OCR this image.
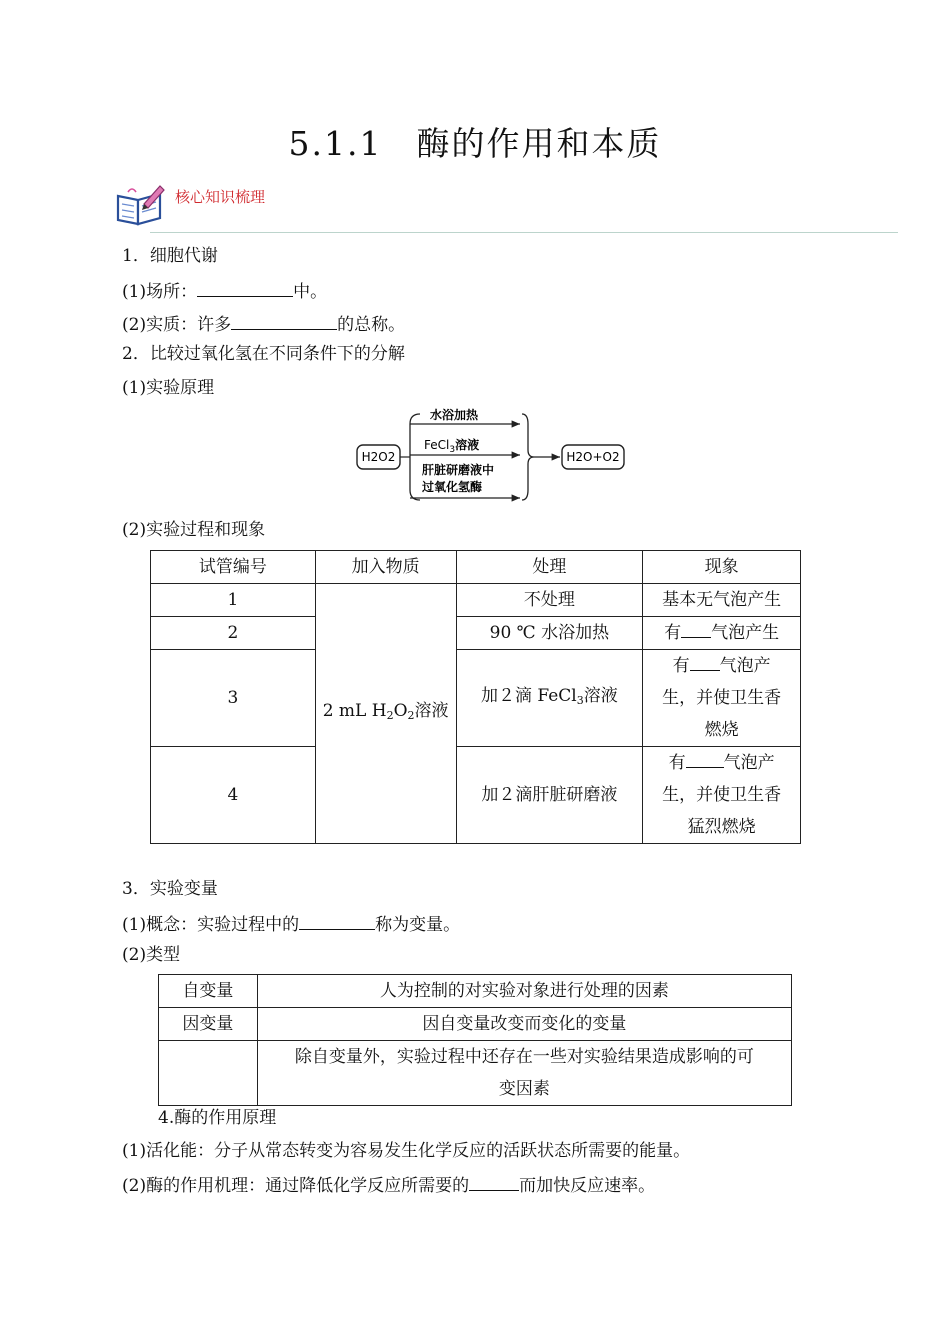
5.1.1 酶的作用和本质
核心知识梳理
1．细胞代谢
(1)场所：	中。
(2)实质：许多	的总称。
2．比较过氧化氢在不同条件下的分解
(1)实验原理
H2O2
水浴加热
FeCl$_3$溶液
肝脏研磨液中
过氧化氢酶
H2O+O2
(2)实验过程和现象
试管编号	加入物质	处理	现象
1	2 mL $H_2O_2$溶液	不处理	基本无气泡产生
2		90 ℃ 水浴加热	有 气泡产生
3		加２滴 FeCl$_3$溶液	有 气泡产
生，并使卫生香
燃烧

4		加２滴肝脏研磨液	有 气泡产
生，并使卫生香
猛烈燃烧
3．实验变量
(1)概念：实验过程中的	称为变量。
(2)类型
自变量	人为控制的对实验对象进行处理的因素
因变量	因自变量改变而变化的变量

	除自变量外，实验过程中还存在一些对实验结果造成影响的可
变因素
4.酶的作用原理
(1)活化能：分子从常态转变为容易发生化学反应的活跃状态所需要的能量。
(2)酶的作用机理：通过降低化学反应所需要的	而加快反应速率。
